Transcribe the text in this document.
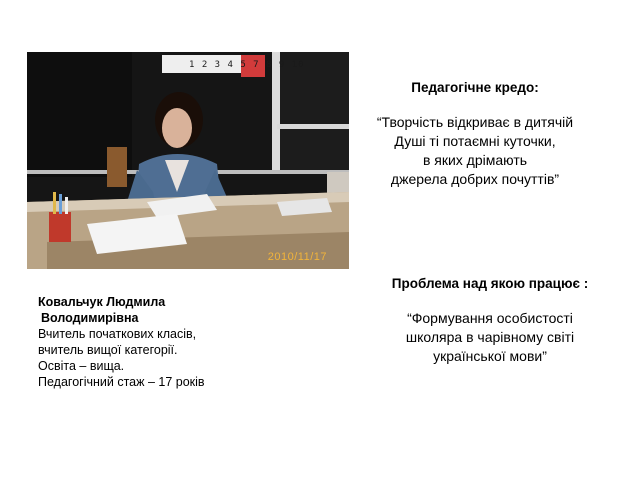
1 2 3 4 5 7 8 9 10
2010/11/17
Педагогічне кредо:
“Творчість відкриває в дитячій
Душі ті потаємні куточки,
в яких дрімають
джерела добрих почуттів”
Проблема над якою працює :
“Формування особистості
школяра в чарівному світі
української мови”
Ковальчук Людмила
Володимирівна
Вчитель початкових класів,
вчитель вищої категорії.
Освіта – вища.
Педагогічний стаж – 17 років
